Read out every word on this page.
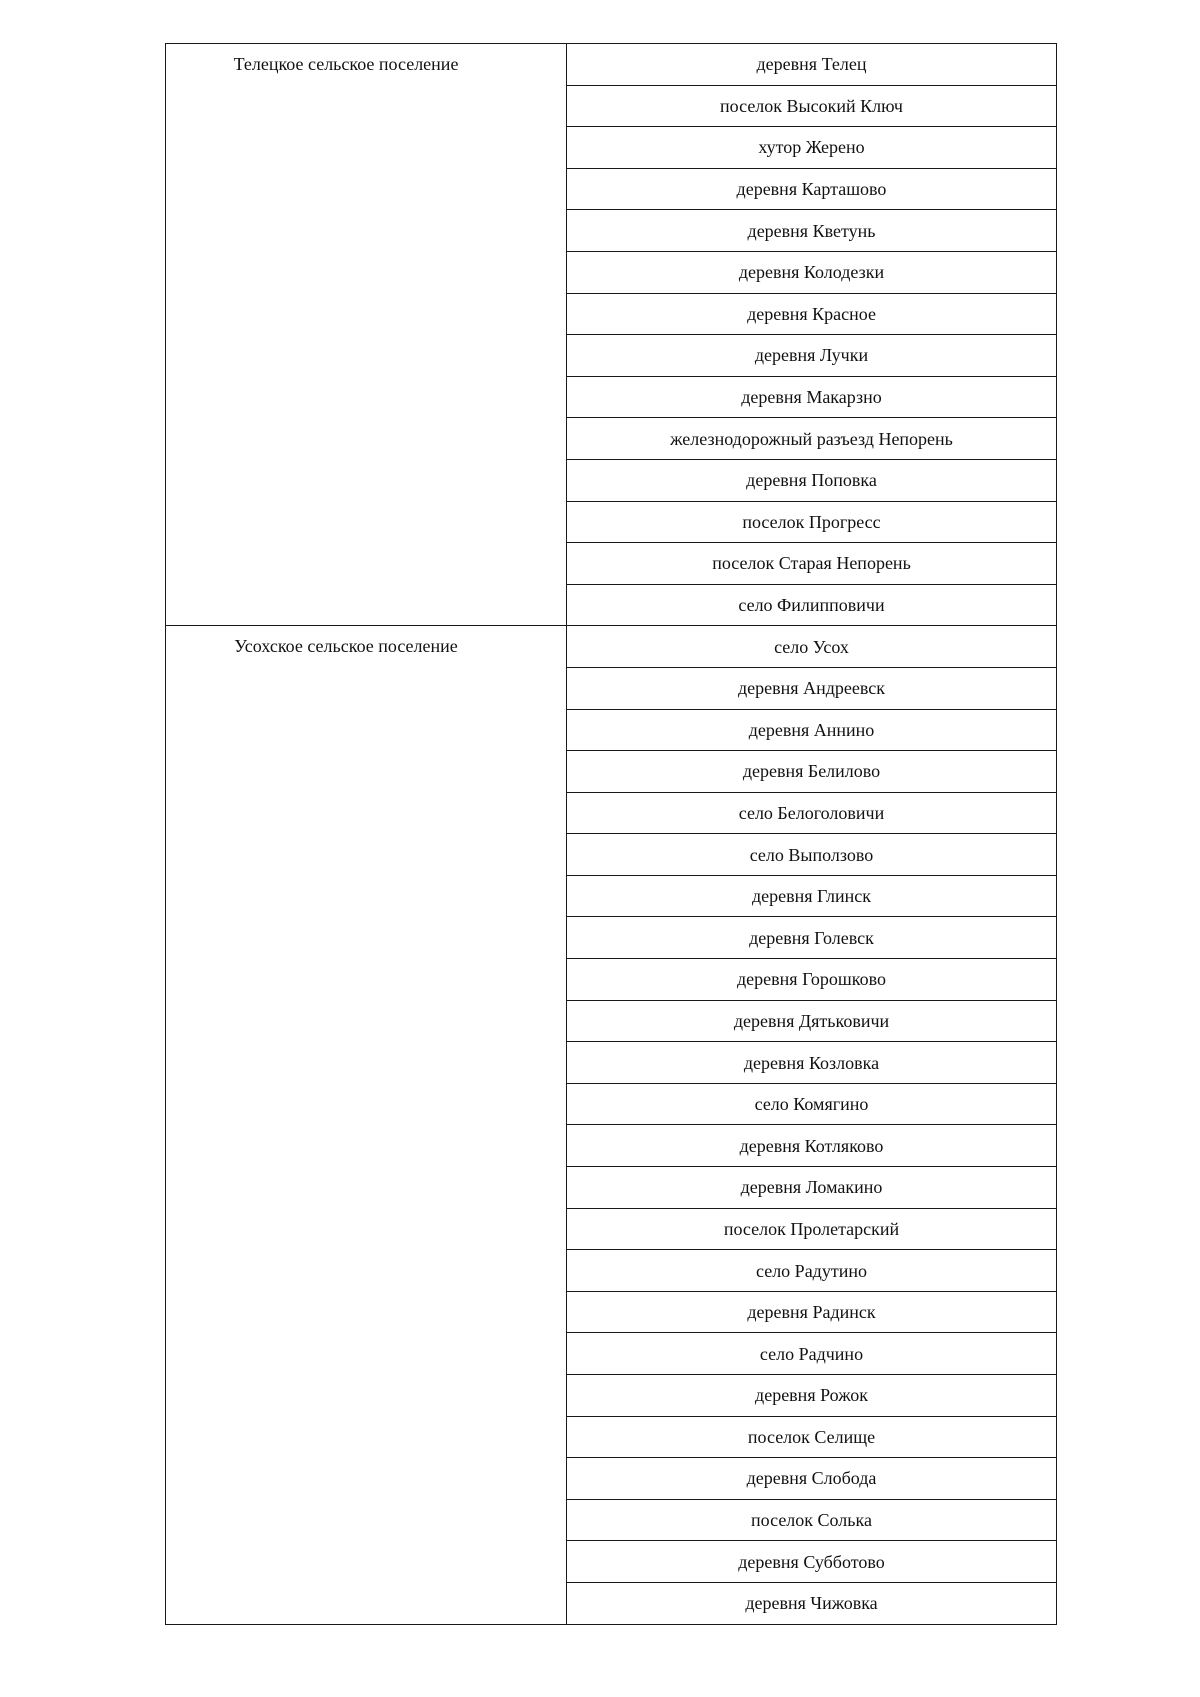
Телецкое сельское поселение	деревня Телец
	поселок Высокий Ключ
	хутор Жерено
	деревня Карташово
	деревня Кветунь
	деревня Колодезки
	деревня Красное
	деревня Лучки
	деревня Макарзно
	железнодорожный разъезд Непорень
	деревня Поповка
	поселок Прогресс
	поселок Старая Непорень
	село Филипповичи
Усохское сельское поселение	село Усох
	деревня Андреевск
	деревня Аннино
	деревня Белилово
	село Белоголовичи
	село Выползово
	деревня Глинск
	деревня Голевск
	деревня Горошково
	деревня Дятьковичи
	деревня Козловка
	село Комягино
	деревня Котляково
	деревня Ломакино
	поселок Пролетарский
	село Радутино
	деревня Радинск
	село Радчино
	деревня Рожок
	поселок Селище
	деревня Слобода
	поселок Солька
	деревня Субботово
	деревня Чижовка
